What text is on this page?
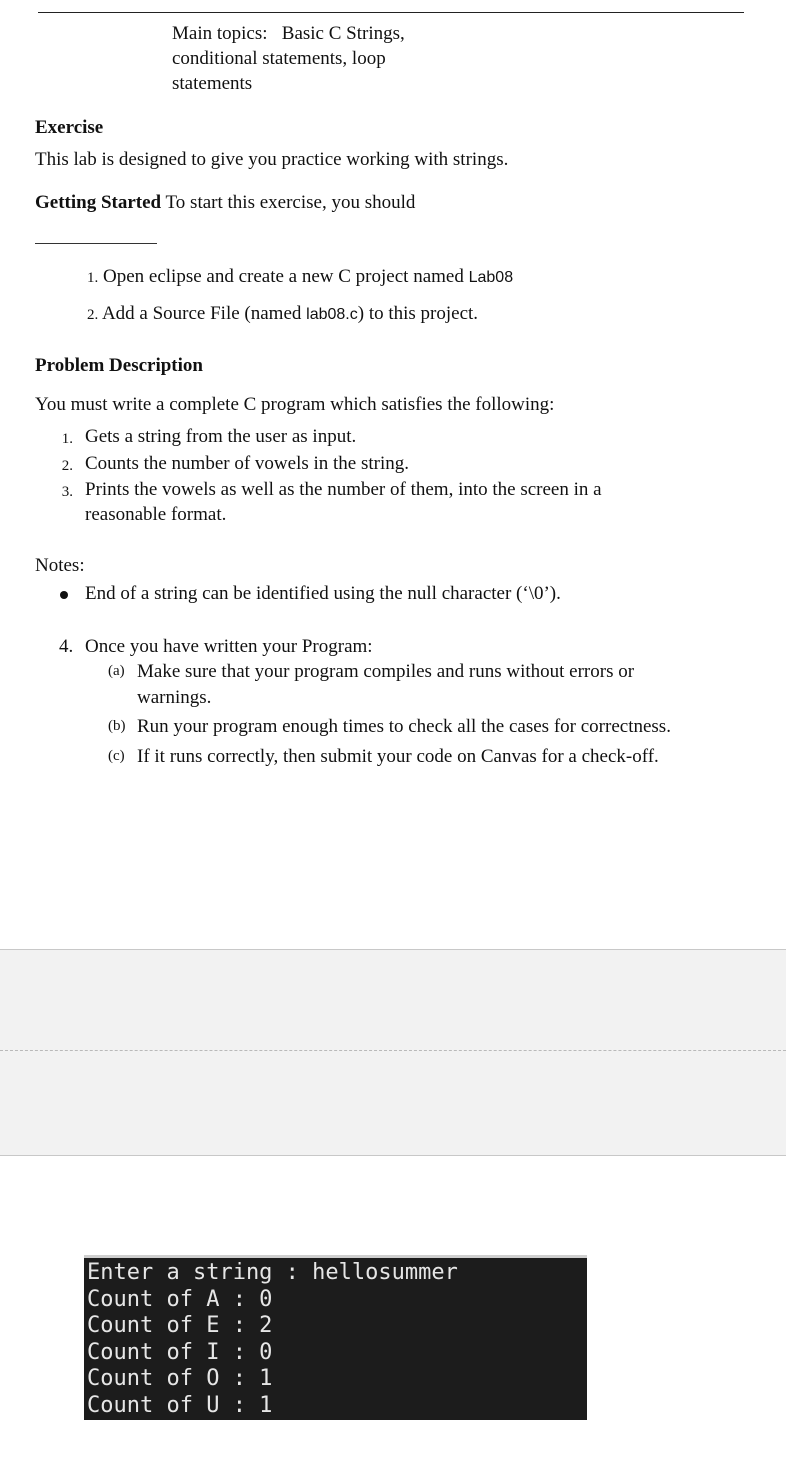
Main topics:   Basic C Strings,
conditional statements, loop
statements
Exercise
This lab is designed to give you practice working with strings.
Getting Started To start this exercise, you should
1. Open eclipse and create a new C project named Lab08
2. Add a Source File (named lab08.c) to this project.
Problem Description
You must write a complete C program which satisfies the following:
1. Gets a string from the user as input.
2. Counts the number of vowels in the string.
3. Prints the vowels as well as the number of them, into the screen in a
reasonable format.
Notes:
End of a string can be identified using the null character (‘\0’).
4. Once you have written your Program:
(a) Make sure that your program compiles and runs without errors or
warnings.
(b) Run your program enough times to check all the cases for correctness.
(c) If it runs correctly, then submit your code on Canvas for a check-off.
Enter a string : hellosummer
Count of A : 0
Count of E : 2
Count of I : 0
Count of O : 1
Count of U : 1
